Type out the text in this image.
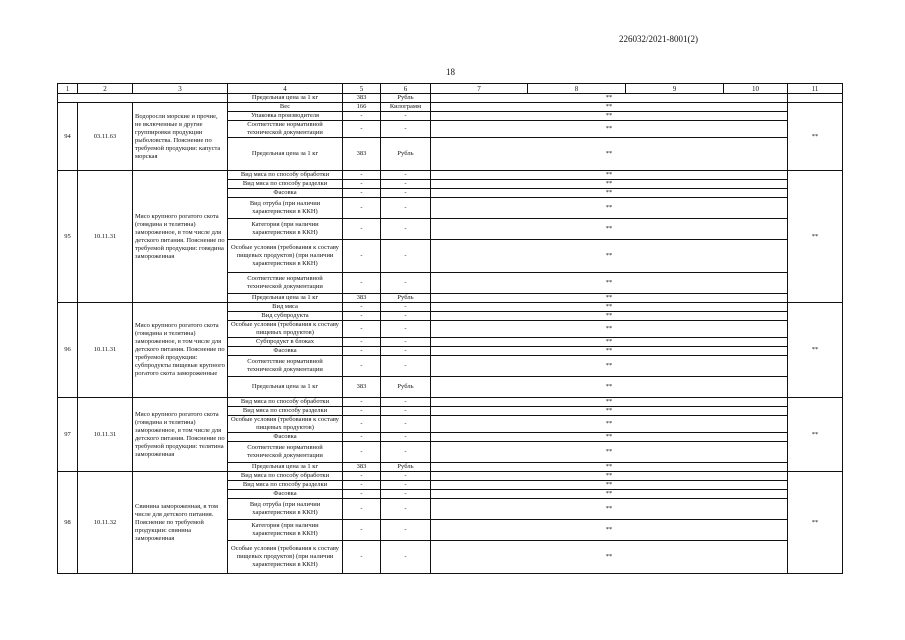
226032/2021-8001(2)
18
1	2	3	4	5	6	7	8	9	10	11
			Предельная цена за 1 кг	383	Рубль	**				
94	03.11.63	Водоросли морские и прочие, не включенные в другие группировки продукции рыболовства. Пояснение по требуемой продукции: капуста морская	Вес	166	Килограмм	**				**
			Упаковка производителя	-	-	**				
			Соответствие нормативной технической документации	-	-	**				
			Предельная цена за 1 кг	383	Рубль	**				
95	10.11.31	Мясо крупного рогатого скота (говядина и телятина) замороженное, в том числе для детского питания. Пояснение по требуемой продукции: говядина замороженная	Вид мяса по способу обработки	-	-	**				**
			Вид мяса по способу разделки	-	-	**				
			Фасовка	-	-	**				
			Вид отруба (при наличии характеристики в ККН)	-	-	**				
			Категория (при наличии характеристики в ККН)	-	-	**				
			Особые условия (требования к составу пищевых продуктов) (при наличии характеристики в ККН)	-	-	**				
			Соответствие нормативной технической документации	-	-	**				
			Предельная цена за 1 кг	383	Рубль	**				
96	10.11.31	Мясо крупного рогатого скота (говядина и телятина) замороженное, в том числе для детского питания. Пояснение по требуемой продукции: субпродукты пищевые крупного рогатого скота замороженные	Вид мяса	-	-	**				**
			Вид субпродукта	-	-	**				
			Особые условия (требования к составу пищевых продуктов)	-	-	**				
			Субпродукт в блоках	-	-	**				
			Фасовка	-	-	**				
			Соответствие нормативной технической документации	-	-	**				
			Предельная цена за 1 кг	383	Рубль	**				
97	10.11.31	Мясо крупного рогатого скота (говядина и телятина) замороженное, в том числе для детского питания. Пояснение по требуемой продукции: телятина замороженная	Вид мяса по способу обработки	-	-	**				**
			Вид мяса по способу разделки	-	-	**				
			Особые условия (требования к составу пищевых продуктов)	-	-	**				
			Фасовка	-	-	**				
			Соответствие нормативной технической документации	-	-	**				
			Предельная цена за 1 кг	383	Рубль	**				
98	10.11.32	Свинина замороженная, в том числе для детского питания. Пояснение по требуемой продукции: свинина замороженная	Вид мяса по способу обработки	-	-	**				**
			Вид мяса по способу разделки	-	-	**				
			Фасовка	-	-	**				
			Вид отруба (при наличии характеристики в ККН)	-	-	**				
			Категория (при наличии характеристики в ККН)	-	-	**				
			Особые условия (требования к составу пищевых продуктов) (при наличии характеристики в ККН)	-	-	**				
